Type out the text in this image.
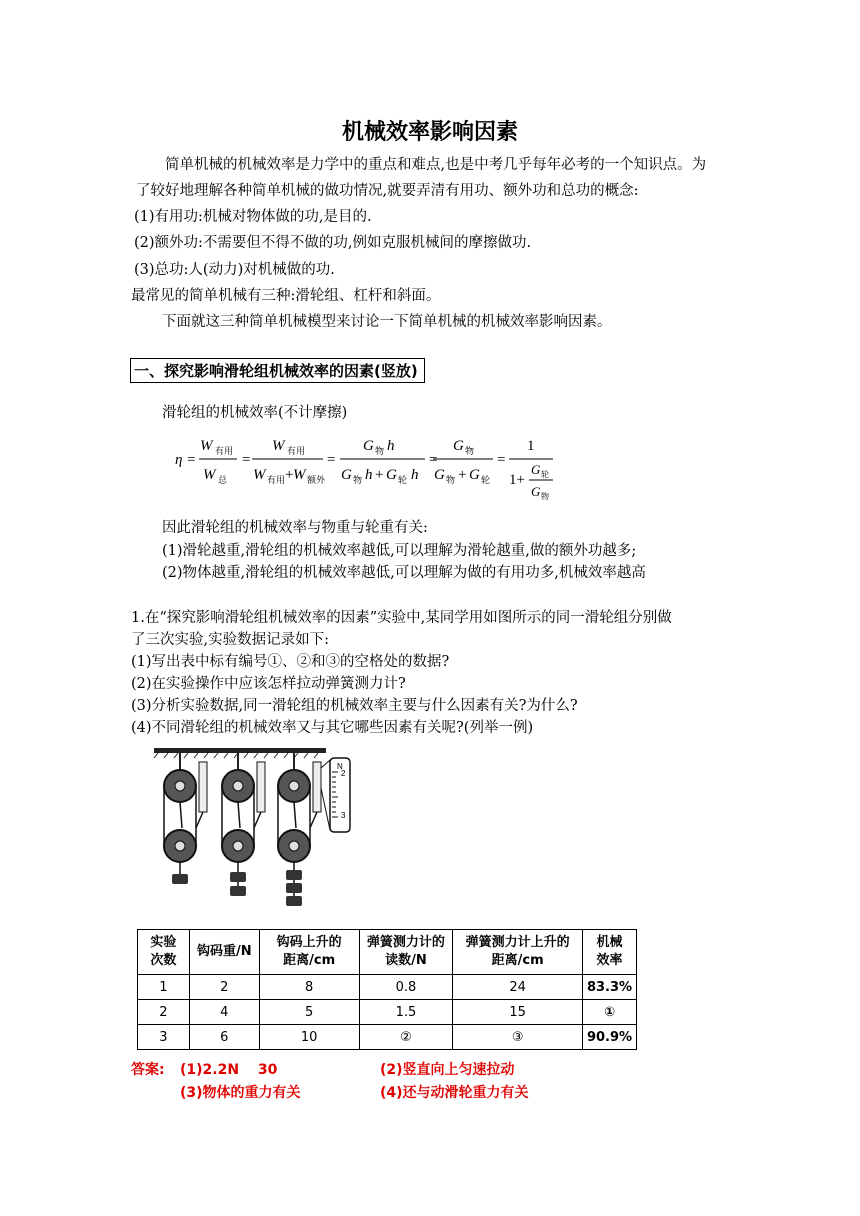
机械效率影响因素
简单机械的机械效率是力学中的重点和难点,也是中考几乎每年必考的一个知识点。为
了较好地理解各种简单机械的做功情况,就要弄清有用功、额外功和总功的概念:
(1)有用功:机械对物体做的功,是目的.
(2)额外功:不需要但不得不做的功,例如克服机械间的摩擦做功.
(3)总功:人(动力)对机械做的功.
最常见的简单机械有三种:滑轮组、杠杆和斜面。
下面就这三种简单机械模型来讨论一下简单机械的机械效率影响因素。
一、探究影响滑轮组机械效率的因素(竖放)
滑轮组的机械效率(不计摩擦)
η =
W 有用
W 总
=
W 有用
W 有用 + W 额外
=
G 物 h
G 物 h + G 轮 h
=
G 物
G 物 + G 轮
=
1
1+
G 轮
G 物
因此滑轮组的机械效率与物重与轮重有关:
(1)滑轮越重,滑轮组的机械效率越低,可以理解为滑轮越重,做的额外功越多;
(2)物体越重,滑轮组的机械效率越低,可以理解为做的有用功多,机械效率越高
1.在“探究影响滑轮组机械效率的因素”实验中,某同学用如图所示的同一滑轮组分别做
了三次实验,实验数据记录如下:
(1)写出表中标有编号①、②和③的空格处的数据?
(2)在实验操作中应该怎样拉动弹簧测力计?
(3)分析实验数据,同一滑轮组的机械效率主要与什么因素有关?为什么?
(4)不同滑轮组的机械效率又与其它哪些因素有关呢?(列举一例)
N
2
3
实验
次数	钩码重/N	钩码上升的
距离/cm	弹簧测力计的
读数/N	弹簧测力计上升的
距离/cm	机械
效率
1	2	8	0.8	24	83.3%
2	4	5	1.5	15	①
3	6	10	②	③	90.9%
答案: (1)2.2N　 30	(2)竖直向上匀速拉动
(3)物体的重力有关	(4)还与动滑轮重力有关
